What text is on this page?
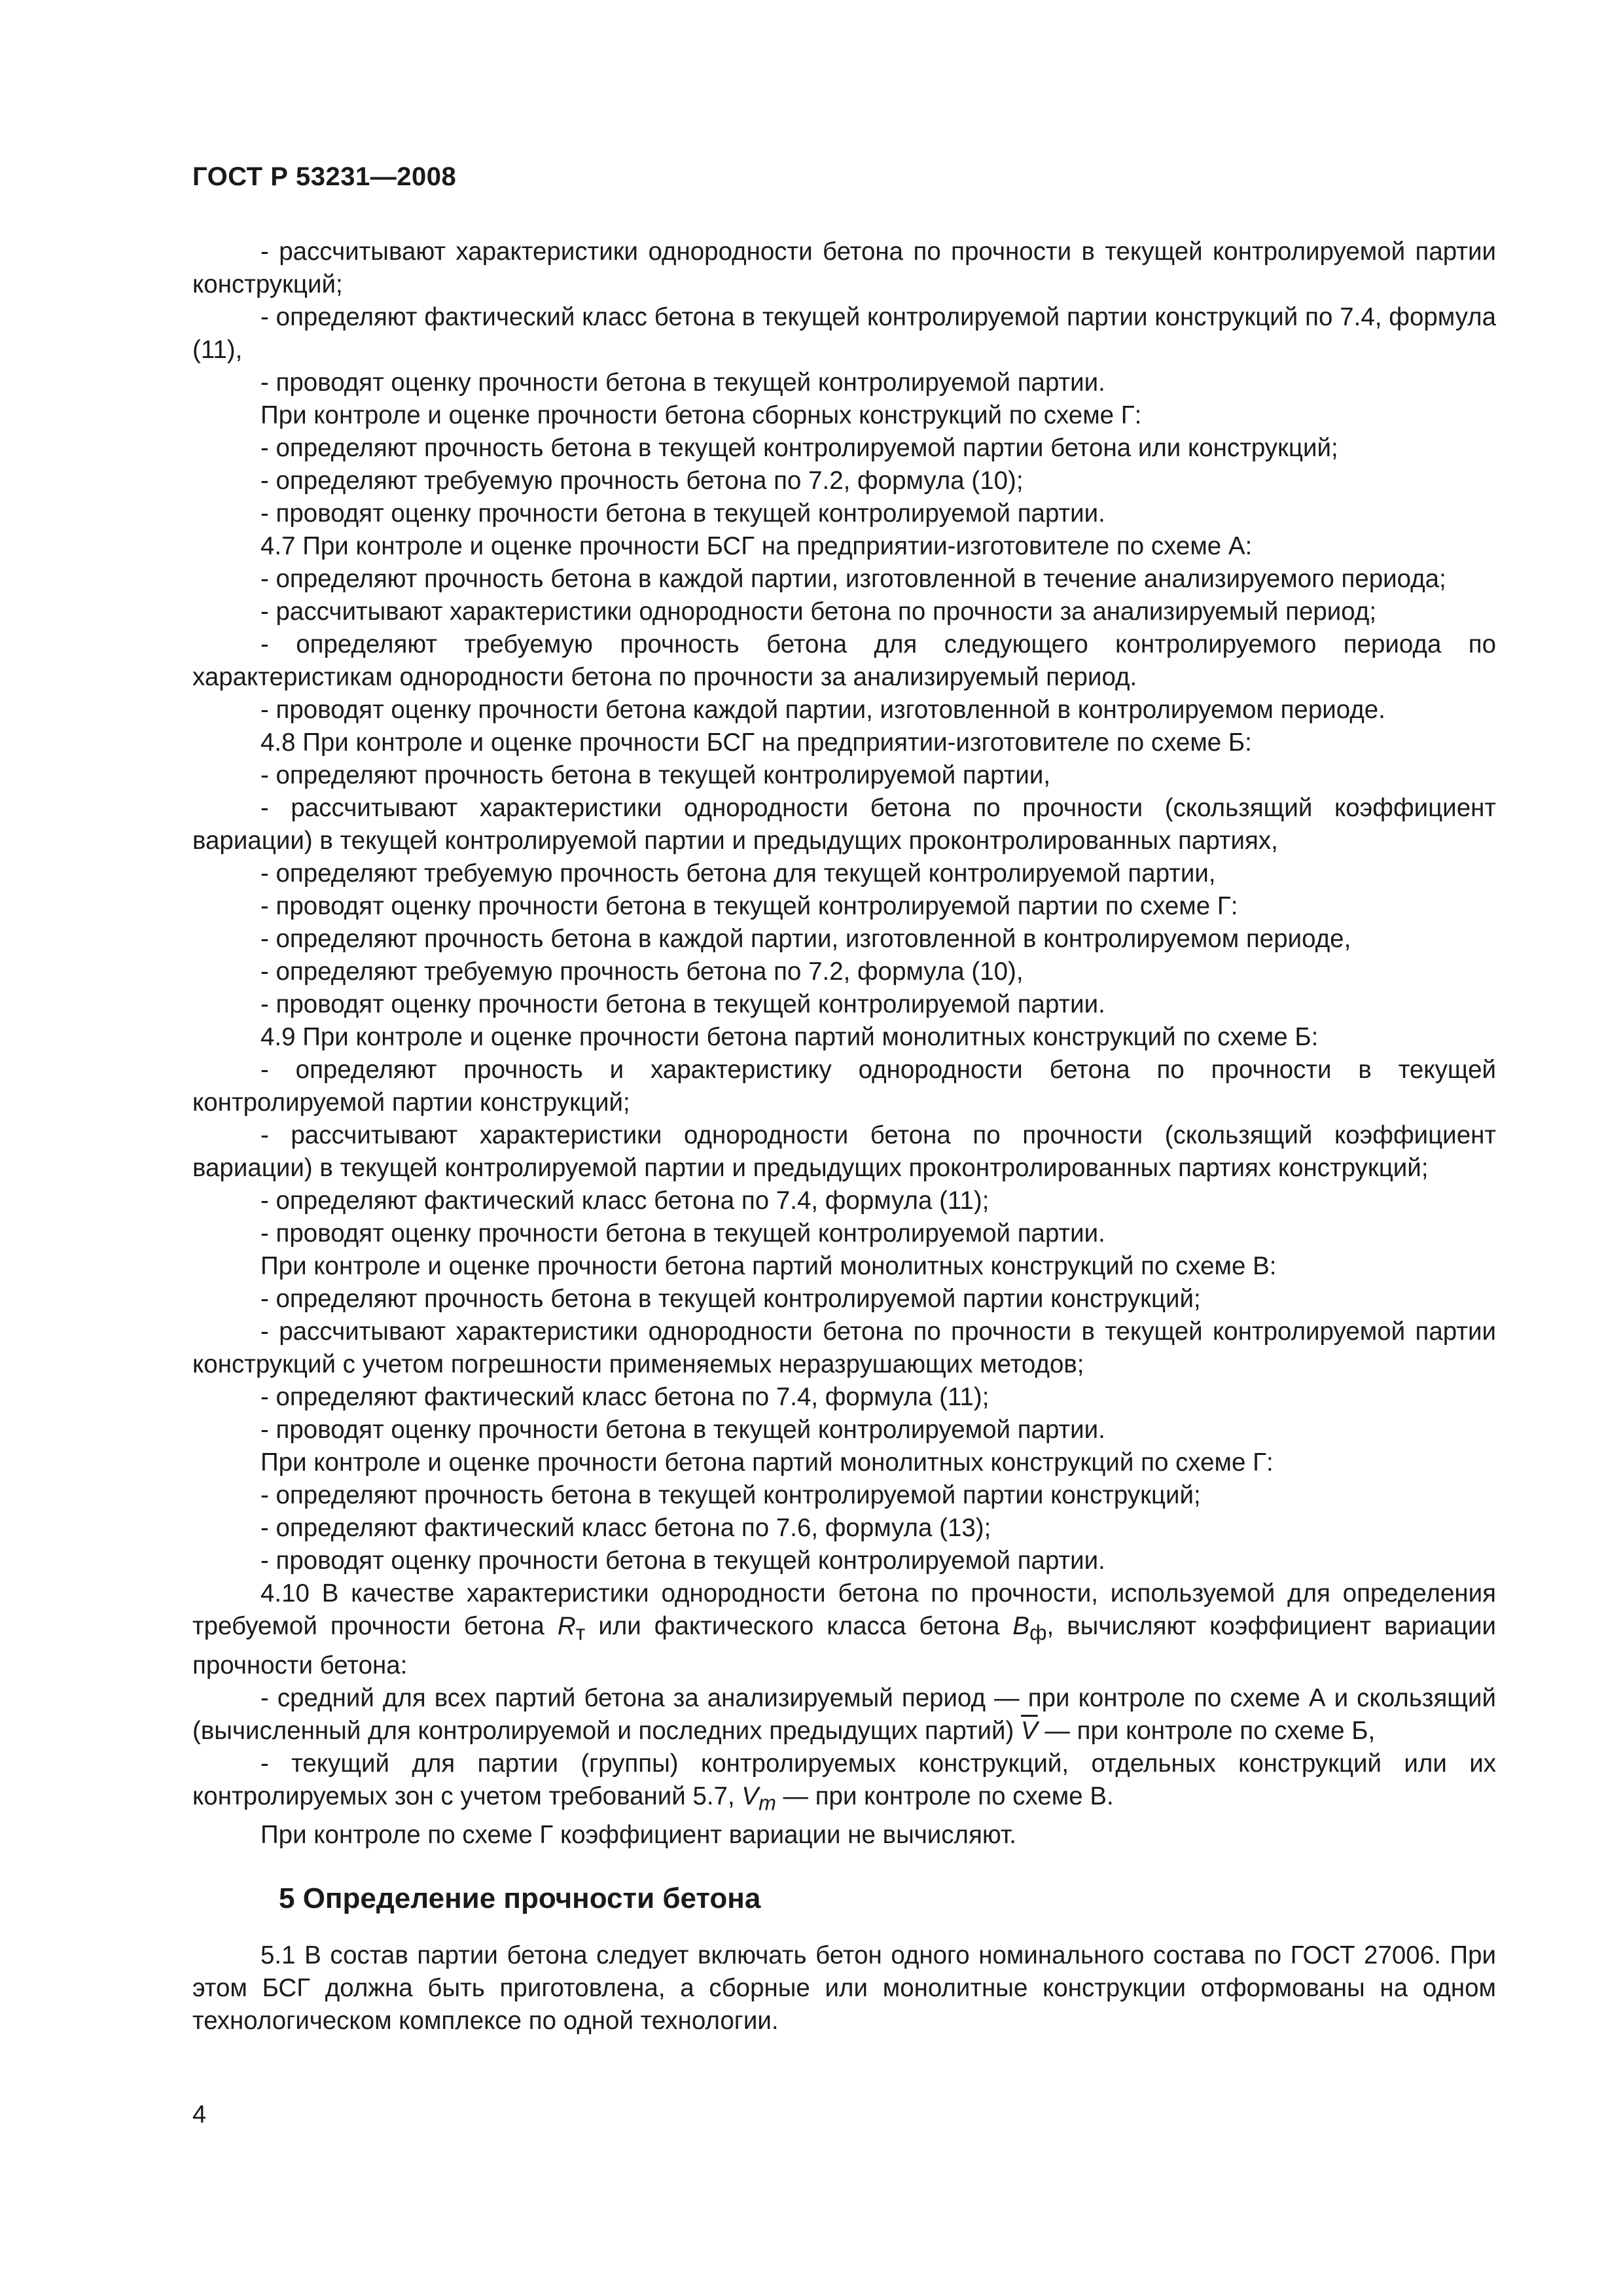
ГОСТ Р 53231—2008

- рассчитывают характеристики однородности бетона по прочности в текущей контролируемой партии конструкций;

- определяют фактический класс бетона в текущей контролируемой партии конструкций по 7.4, формула (11),

- проводят оценку прочности бетона в текущей контролируемой партии.

При контроле и оценке прочности бетона сборных конструкций по схеме Г:

- определяют прочность бетона в текущей контролируемой партии бетона или конструкций;

- определяют требуемую прочность бетона по 7.2, формула (10);

- проводят оценку прочности бетона в текущей контролируемой партии.

4.7 При контроле и оценке прочности БСГ на предприятии-изготовителе по схеме А:

- определяют прочность бетона в каждой партии, изготовленной в течение анализируемого периода;

- рассчитывают характеристики однородности бетона по прочности за анализируемый период;

- определяют требуемую прочность бетона для следующего контролируемого периода по характеристикам однородности бетона по прочности за анализируемый период.

- проводят оценку прочности бетона каждой партии, изготовленной в контролируемом периоде.

4.8 При контроле и оценке прочности БСГ на предприятии-изготовителе по схеме Б:

- определяют прочность бетона в текущей контролируемой партии,

- рассчитывают характеристики однородности бетона по прочности (скользящий коэффициент вариации) в текущей контролируемой партии и предыдущих проконтролированных партиях,

- определяют требуемую прочность бетона для текущей контролируемой партии,

- проводят оценку прочности бетона в текущей контролируемой партии по схеме Г:

- определяют прочность бетона в каждой партии, изготовленной в контролируемом периоде,

- определяют требуемую прочность бетона по 7.2, формула (10),

- проводят оценку прочности бетона в текущей контролируемой партии.

4.9 При контроле и оценке прочности бетона партий монолитных конструкций по схеме Б:

- определяют прочность и характеристику однородности бетона по прочности в текущей контролируемой партии конструкций;

- рассчитывают характеристики однородности бетона по прочности (скользящий коэффициент вариации) в текущей контролируемой партии и предыдущих проконтролированных партиях конструкций;

- определяют фактический класс бетона по 7.4, формула (11);

- проводят оценку прочности бетона в текущей контролируемой партии.

При контроле и оценке прочности бетона партий монолитных конструкций по схеме В:

- определяют прочность бетона в текущей контролируемой партии конструкций;

- рассчитывают характеристики однородности бетона по прочности в текущей контролируемой партии конструкций с учетом погрешности применяемых неразрушающих методов;

- определяют фактический класс бетона по 7.4, формула (11);

- проводят оценку прочности бетона в текущей контролируемой партии.

При контроле и оценке прочности бетона партий монолитных конструкций по схеме Г:

- определяют прочность бетона в текущей контролируемой партии конструкций;

- определяют фактический класс бетона по 7.6, формула (13);

- проводят оценку прочности бетона в текущей контролируемой партии.

4.10 В качестве характеристики однородности бетона по прочности, используемой для определения требуемой прочности бетона $R_т$ или фактического класса бетона $B_ф$, вычисляют коэффициент вариации прочности бетона:

- средний для всех партий бетона за анализируемый период — при контроле по схеме А и скользящий (вычисленный для контролируемой и последних предыдущих партий) $\overline{V}$ — при контроле по схеме Б,

- текущий для партии (группы) контролируемых конструкций, отдельных конструкций или их контролируемых зон с учетом требований 5.7, $V_m$ — при контроле по схеме В.

При контроле по схеме Г коэффициент вариации не вычисляют.

5 Определение прочности бетона

5.1 В состав партии бетона следует включать бетон одного номинального состава по ГОСТ 27006. При этом БСГ должна быть приготовлена, а сборные или монолитные конструкции отформованы на одном технологическом комплексе по одной технологии.

4
